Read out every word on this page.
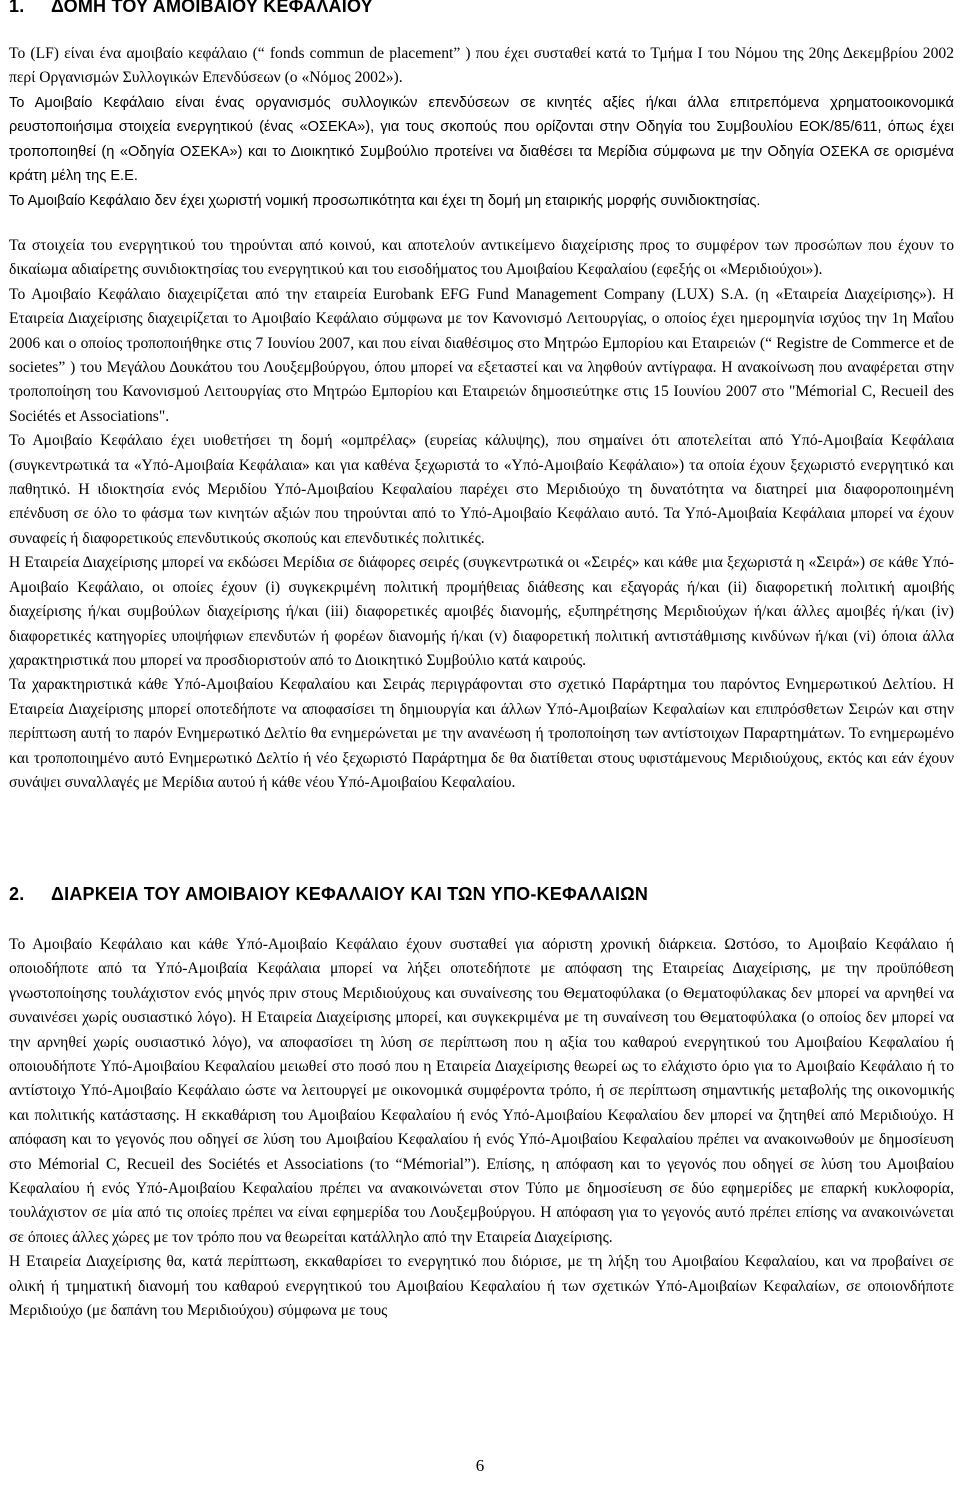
1. ΔΟΜΗ ΤΟΥ ΑΜΟΙΒΑΙΟΥ ΚΕΦΑΛΑΙΟΥ

Το (LF) είναι ένα αμοιβαίο κεφάλαιο (“ fonds commun de placement” ) που έχει συσταθεί κατά το Τμήμα Ι του Νόμου της 20ης Δεκεμβρίου 2002 περί Οργανισμών Συλλογικών Επενδύσεων (ο «Νόμος 2002»).

Το Αμοιβαίο Κεφάλαιο είναι ένας οργανισμός συλλογικών επενδύσεων σε κινητές αξίες ή/και άλλα επιτρεπόμενα χρηματοοικονομικά ρευστοποιήσιμα στοιχεία ενεργητικού (ένας «ΟΣΕΚΑ»), για τους σκοπούς που ορίζονται στην Οδηγία του Συμβουλίου ΕΟΚ/85/611, όπως έχει τροποποιηθεί (η «Οδηγία ΟΣΕΚΑ») και το Διοικητικό Συμβούλιο προτείνει να διαθέσει τα Μερίδια σύμφωνα με την Οδηγία ΟΣΕΚΑ σε ορισμένα κράτη μέλη της Ε.Ε.

Το Αμοιβαίο Κεφάλαιο δεν έχει χωριστή νομική προσωπικότητα και έχει τη δομή μη εταιρικής μορφής συνιδιοκτησίας.

Τα στοιχεία του ενεργητικού του τηρούνται από κοινού, και αποτελούν αντικείμενο διαχείρισης προς το συμφέρον των προσώπων που έχουν το δικαίωμα αδιαίρετης συνιδιοκτησίας του ενεργητικού και του εισοδήματος του Αμοιβαίου Κεφαλαίου (εφεξής οι «Μεριδιούχοι»).

Το Αμοιβαίο Κεφάλαιο διαχειρίζεται από την εταιρεία Eurobank EFG Fund Management Company (LUX) S.A. (η «Εταιρεία Διαχείρισης»). Η Εταιρεία Διαχείρισης διαχειρίζεται το Αμοιβαίο Κεφάλαιο σύμφωνα με τον Κανονισμό Λειτουργίας, ο οποίος έχει ημερομηνία ισχύος την 1η Μαΐου 2006 και ο οποίος τροποποιήθηκε στις 7 Ιουνίου 2007, και που είναι διαθέσιμος στο Μητρώο Εμπορίου και Εταιρειών (“ Registre de Commerce et de societes” ) του Μεγάλου Δουκάτου του Λουξεμβούργου, όπου μπορεί να εξεταστεί και να ληφθούν αντίγραφα. Η ανακοίνωση που αναφέρεται στην τροποποίηση του Κανονισμού Λειτουργίας στο Μητρώο Εμπορίου και Εταιρειών δημοσιεύτηκε στις 15 Ιουνίου 2007 στο "Mémorial C, Recueil des Sociétés et Associations".

Το Αμοιβαίο Κεφάλαιο έχει υιοθετήσει τη δομή «ομπρέλας» (ευρείας κάλυψης), που σημαίνει ότι αποτελείται από Υπό-Αμοιβαία Κεφάλαια (συγκεντρωτικά τα «Υπό-Αμοιβαία Κεφάλαια» και για καθένα ξεχωριστά το «Υπό-Αμοιβαίο Κεφάλαιο») τα οποία έχουν ξεχωριστό ενεργητικό και παθητικό. Η ιδιοκτησία ενός Μεριδίου Υπό-Αμοιβαίου Κεφαλαίου παρέχει στο Μεριδιούχο τη δυνατότητα να διατηρεί μια διαφοροποιημένη επένδυση σε όλο το φάσμα των κινητών αξιών που τηρούνται από το Υπό-Αμοιβαίο Κεφάλαιο αυτό. Τα Υπό-Αμοιβαία Κεφάλαια μπορεί να έχουν συναφείς ή διαφορετικούς επενδυτικούς σκοπούς και επενδυτικές πολιτικές.

Η Εταιρεία Διαχείρισης μπορεί να εκδώσει Μερίδια σε διάφορες σειρές (συγκεντρωτικά οι «Σειρές» και κάθε μια ξεχωριστά η «Σειρά») σε κάθε Υπό-Αμοιβαίο Κεφάλαιο, οι οποίες έχουν (i) συγκεκριμένη πολιτική προμήθειας διάθεσης και εξαγοράς ή/και (ii) διαφορετική πολιτική αμοιβής διαχείρισης ή/και συμβούλων διαχείρισης ή/και (iii) διαφορετικές αμοιβές διανομής, εξυπηρέτησης Μεριδιούχων ή/και άλλες αμοιβές ή/και (iv) διαφορετικές κατηγορίες υποψήφιων επενδυτών ή φορέων διανομής ή/και (v) διαφορετική πολιτική αντιστάθμισης κινδύνων ή/και (vi) όποια άλλα χαρακτηριστικά που μπορεί να προσδιοριστούν από το Διοικητικό Συμβούλιο κατά καιρούς.

Τα χαρακτηριστικά κάθε Υπό-Αμοιβαίου Κεφαλαίου και Σειράς περιγράφονται στο σχετικό Παράρτημα του παρόντος Ενημερωτικού Δελτίου. Η Εταιρεία Διαχείρισης μπορεί οποτεδήποτε να αποφασίσει τη δημιουργία και άλλων Υπό-Αμοιβαίων Κεφαλαίων και επιπρόσθετων Σειρών και στην περίπτωση αυτή το παρόν Ενημερωτικό Δελτίο θα ενημερώνεται με την ανανέωση ή τροποποίηση των αντίστοιχων Παραρτημάτων. Το ενημερωμένο και τροποποιημένο αυτό Ενημερωτικό Δελτίο ή νέο ξεχωριστό Παράρτημα δε θα διατίθεται στους υφιστάμενους Μεριδιούχους, εκτός και εάν έχουν συνάψει συναλλαγές με Μερίδια αυτού ή κάθε νέου Υπό-Αμοιβαίου Κεφαλαίου.

2. ΔΙΑΡΚΕΙΑ ΤΟΥ ΑΜΟΙΒΑΙΟΥ ΚΕΦΑΛΑΙΟΥ ΚΑΙ ΤΩΝ ΥΠΟ-ΚΕΦΑΛΑΙΩΝ

Το Αμοιβαίο Κεφάλαιο και κάθε Υπό-Αμοιβαίο Κεφάλαιο έχουν συσταθεί για αόριστη χρονική διάρκεια. Ωστόσο, το Αμοιβαίο Κεφάλαιο ή οποιοδήποτε από τα Υπό-Αμοιβαία Κεφάλαια μπορεί να λήξει οποτεδήποτε με απόφαση της Εταιρείας Διαχείρισης, με την προϋπόθεση γνωστοποίησης τουλάχιστον ενός μηνός πριν στους Μεριδιούχους και συναίνεσης του Θεματοφύλακα (ο Θεματοφύλακας δεν μπορεί να αρνηθεί να συναινέσει χωρίς ουσιαστικό λόγο). Η Εταιρεία Διαχείρισης μπορεί, και συγκεκριμένα με τη συναίνεση του Θεματοφύλακα (ο οποίος δεν μπορεί να την αρνηθεί χωρίς ουσιαστικό λόγο), να αποφασίσει τη λύση σε περίπτωση που η αξία του καθαρού ενεργητικού του Αμοιβαίου Κεφαλαίου ή οποιουδήποτε Υπό-Αμοιβαίου Κεφαλαίου μειωθεί στο ποσό που η Εταιρεία Διαχείρισης θεωρεί ως το ελάχιστο όριο για το Αμοιβαίο Κεφάλαιο ή το αντίστοιχο Υπό-Αμοιβαίο Κεφάλαιο ώστε να λειτουργεί με οικονομικά συμφέροντα τρόπο, ή σε περίπτωση σημαντικής μεταβολής της οικονομικής και πολιτικής κατάστασης. Η εκκαθάριση του Αμοιβαίου Κεφαλαίου ή ενός Υπό-Αμοιβαίου Κεφαλαίου δεν μπορεί να ζητηθεί από Μεριδιούχο. Η απόφαση και το γεγονός που οδηγεί σε λύση του Αμοιβαίου Κεφαλαίου ή ενός Υπό-Αμοιβαίου Κεφαλαίου πρέπει να ανακοινωθούν με δημοσίευση στο Mémorial C, Recueil des Sociétés et Associations (το “Mémorial”). Επίσης, η απόφαση και το γεγονός που οδηγεί σε λύση του Αμοιβαίου Κεφαλαίου ή ενός Υπό-Αμοιβαίου Κεφαλαίου πρέπει να ανακοινώνεται στον Τύπο με δημοσίευση σε δύο εφημερίδες με επαρκή κυκλοφορία, τουλάχιστον σε μία από τις οποίες πρέπει να είναι εφημερίδα του Λουξεμβούργου. Η απόφαση για το γεγονός αυτό πρέπει επίσης να ανακοινώνεται σε όποιες άλλες χώρες με τον τρόπο που να θεωρείται κατάλληλο από την Εταιρεία Διαχείρισης.

Η Εταιρεία Διαχείρισης θα, κατά περίπτωση, εκκαθαρίσει το ενεργητικό που διόρισε, με τη λήξη του Αμοιβαίου Κεφαλαίου, και να προβαίνει σε ολική ή τμηματική διανομή του καθαρού ενεργητικού του Αμοιβαίου Κεφαλαίου ή των σχετικών Υπό-Αμοιβαίων Κεφαλαίων, σε οποιονδήποτε Μεριδιούχο (με δαπάνη του Μεριδιούχου) σύμφωνα με τους

6
